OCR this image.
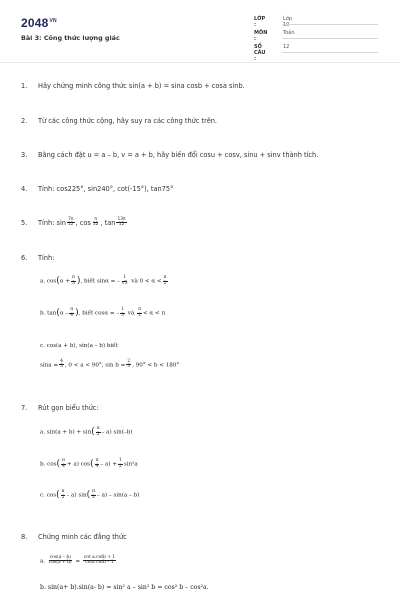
$2048^{VN}$
Bài 3: Công thức lượng giác
LỚP :
Lớp 10
MÔN :
Toán
SỐ CÂU :
12
1. Hãy chứng minh công thức sin(a + b) = sina cosb + cosa sinb.
2. Từ các công thức cộng, hãy suy ra các công thức trên.
3. Bằng cách đặt u = a – b, v = a + b, hãy biến đổi cosu + cosv, sinu + sinv thành tích.
4. Tính: cos225°, sin240°, cot(-15°), tan75°
5. Tính: $\sin \frac{7\pi}{12}$ , $\cos \frac{\pi}{12}$ , $\tan \frac{13\pi}{12}$
6. Tính:
a. $\cos(\alpha + \frac{\pi}{3}$ ), biết sinα = – $\frac{1}{√3}$ và $0 < \alpha < \frac{\pi}{2}$
b. $\tan(\alpha - \frac{\pi}{4}$ ), biết cosα = – $\frac{1}{3}$ và $\frac{\pi}{2} < \alpha < \pi$
c. cos(a + b), sin(a – b) biết
$\sin a = \frac{4}{5}$ , 0 < a < 90°, $\sin b = \frac{2}{3}$ , 90° < b < 180°
7. Rút gọn biểu thức:
a. $\sin(a + b) + \sin( \frac{\pi}{2} - a)$ sin(–b)
b. $\cos( \frac{\pi}{4} + a)$ $\cos( \frac{\pi}{4} - a) + \frac{1}{2} \sin^2a$
c. $\cos( \frac{\pi}{2} - a)$ $\sin( \frac{\pi}{2} - a) - \sin(a - b)$
8. Chứng minh các đẳng thức
a. $\frac{\cos(a - b)}{\cos(a + b)} = \frac{\text{cot a.cotb + 1}}{\text{cota cotb – 1}}$
b. sin(a+ b).sin(a- b) = sin² a – sin² b = cos² b – cos²a.
